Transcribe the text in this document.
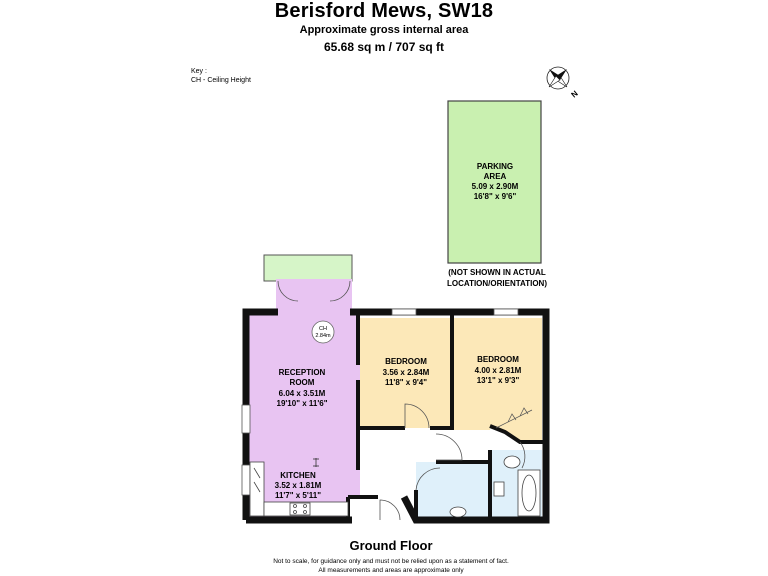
Berisford Mews, SW18
Approximate gross internal area
65.68 sq m / 707 sq ft
Key :
CH - Ceiling Height
N
PARKING
AREA
5.09 x 2.90M
16'8" x 9'6"
(NOT SHOWN IN ACTUAL
LOCATION/ORIENTATION)
CH
2.84m
RECEPTION
ROOM
6.04 x 3.51M
19'10" x 11'6"
KITCHEN
3.52 x 1.81M
11'7" x 5'11"
BEDROOM
3.56 x 2.84M
11'8" x 9'4"
BEDROOM
4.00 x 2.81M
13'1" x 9'3"
Ground Floor
Not to scale, for guidance only and must not be relied upon as a statement of fact.
All measurements and areas are approximate only
